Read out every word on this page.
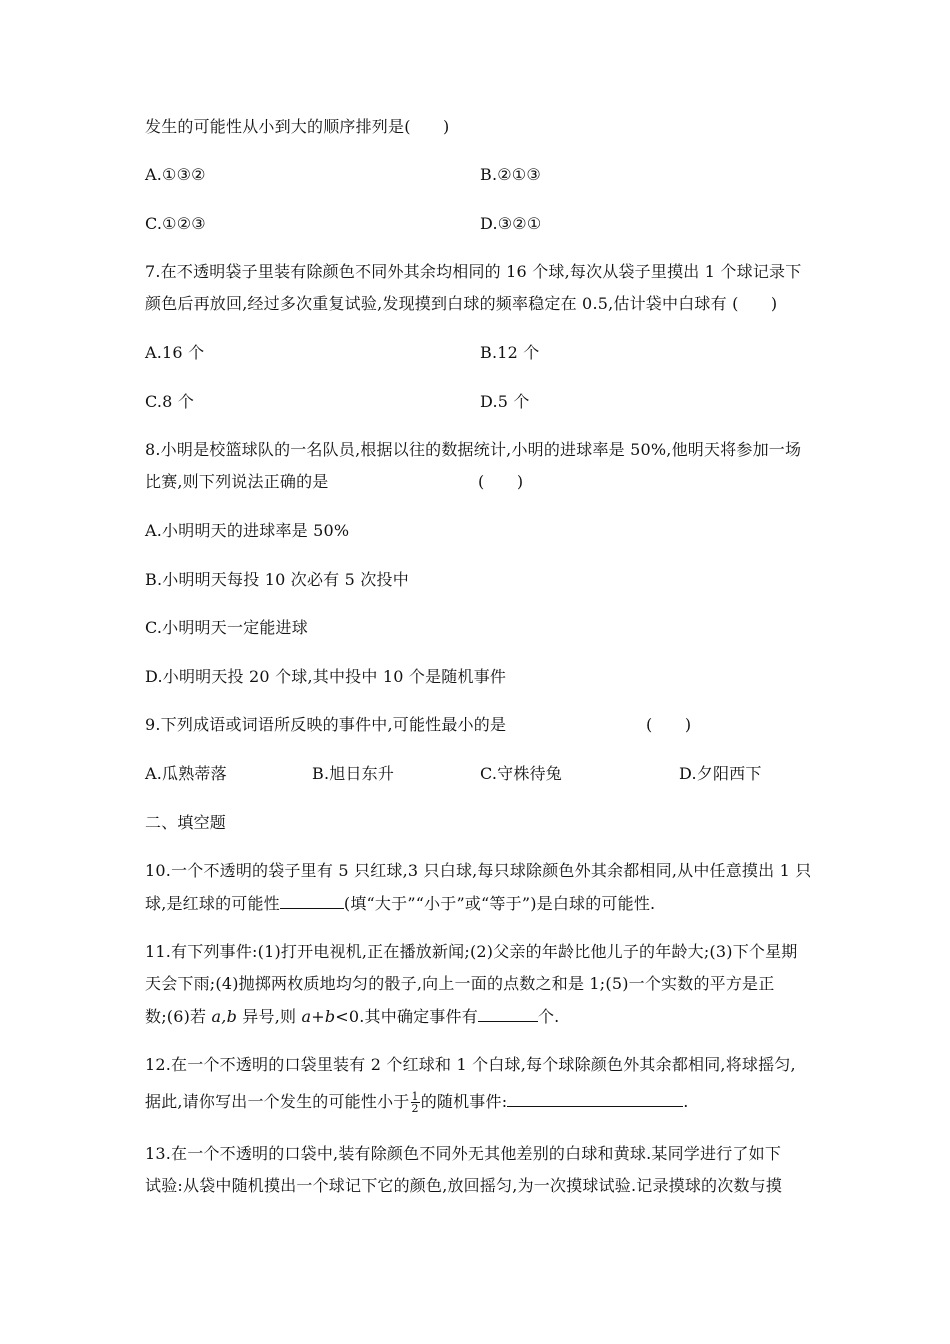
发生的可能性从小到大的顺序排列是(　　)
A.①③②	B.②①③
C.①②③	D.③②①
7.在不透明袋子里装有除颜色不同外其余均相同的 16 个球,每次从袋子里摸出 1 个球记录下
颜色后再放回,经过多次重复试验,发现摸到白球的频率稳定在 0.5,估计袋中白球有 (　　)
A.16 个	B.12 个
C.8 个	D.5 个
8.小明是校篮球队的一名队员,根据以往的数据统计,小明的进球率是 50%,他明天将参加一场
比赛,则下列说法正确的是	(　　)
A.小明明天的进球率是 50%
B.小明明天每投 10 次必有 5 次投中
C.小明明天一定能进球
D.小明明天投 20 个球,其中投中 10 个是随机事件
9.下列成语或词语所反映的事件中,可能性最小的是	(　　)
A.瓜熟蒂落	B.旭日东升	C.守株待兔	D.夕阳西下
二、填空题
10.一个不透明的袋子里有 5 只红球,3 只白球,每只球除颜色外其余都相同,从中任意摸出 1 只
球,是红球的可能性	(填“大于”“小于”或“等于”)是白球的可能性.
11.有下列事件:(1)打开电视机,正在播放新闻;(2)父亲的年龄比他儿子的年龄大;(3)下个星期
天会下雨;(4)抛掷两枚质地均匀的骰子,向上一面的点数之和是 1;(5)一个实数的平方是正
数;(6)若 a,b 异号,则 a+b<0.其中确定事件有	个.
12.在一个不透明的口袋里装有 2 个红球和 1 个白球,每个球除颜色外其余都相同,将球摇匀,
据此,请你写出一个发生的可能性小于 $\frac{1}{2}$ 的随机事件:	.
13.在一个不透明的口袋中,装有除颜色不同外无其他差别的白球和黄球.某同学进行了如下
试验:从袋中随机摸出一个球记下它的颜色,放回摇匀,为一次摸球试验.记录摸球的次数与摸
